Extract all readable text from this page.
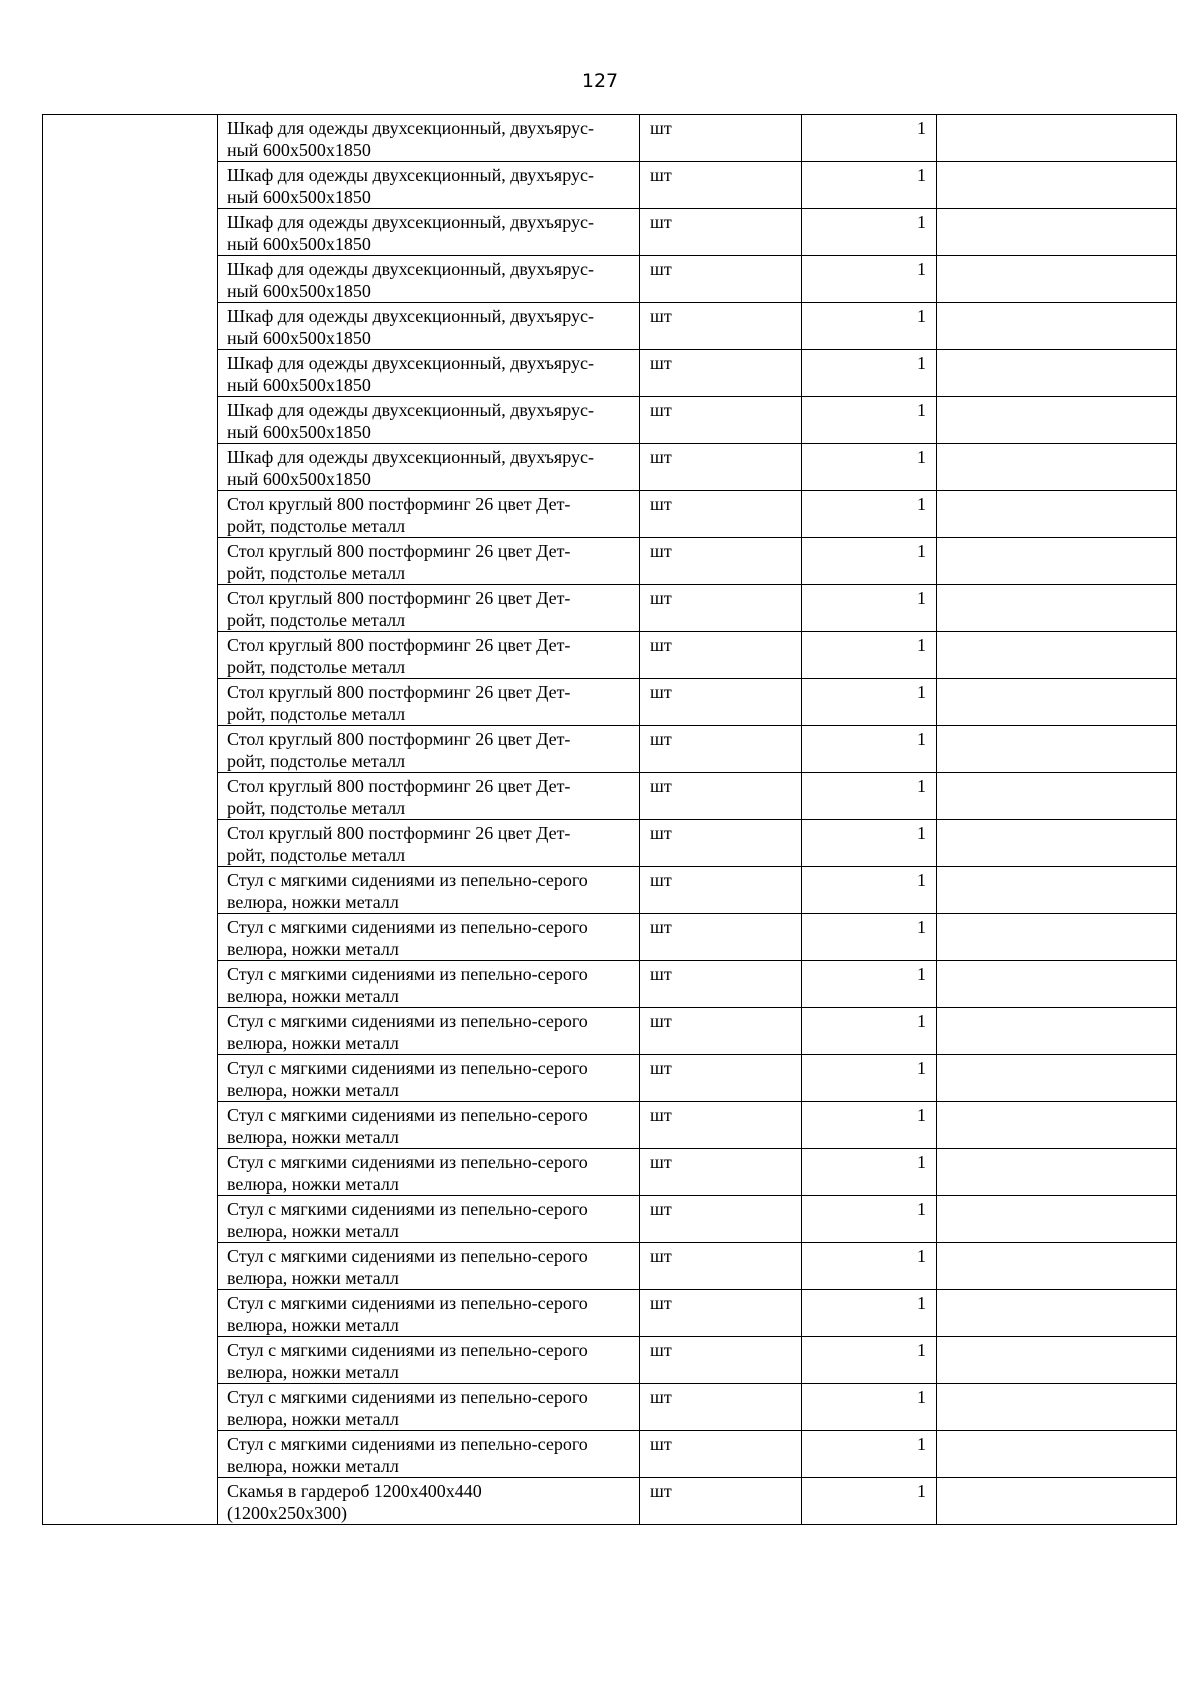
127

	Шкаф для одежды двухсекционный, двухъярус-
ный 600х500х1850	шт	1	

	Шкаф для одежды двухсекционный, двухъярус-
ный 600х500х1850	шт	1	

	Шкаф для одежды двухсекционный, двухъярус-
ный 600х500х1850	шт	1	

	Шкаф для одежды двухсекционный, двухъярус-
ный 600х500х1850	шт	1	

	Шкаф для одежды двухсекционный, двухъярус-
ный 600х500х1850	шт	1	

	Шкаф для одежды двухсекционный, двухъярус-
ный 600х500х1850	шт	1	

	Шкаф для одежды двухсекционный, двухъярус-
ный 600х500х1850	шт	1	

	Шкаф для одежды двухсекционный, двухъярус-
ный 600х500х1850	шт	1	

	Стол круглый 800 постформинг 26 цвет Дет-
ройт, подстолье металл	шт	1	

	Стол круглый 800 постформинг 26 цвет Дет-
ройт, подстолье металл	шт	1	

	Стол круглый 800 постформинг 26 цвет Дет-
ройт, подстолье металл	шт	1	

	Стол круглый 800 постформинг 26 цвет Дет-
ройт, подстолье металл	шт	1	

	Стол круглый 800 постформинг 26 цвет Дет-
ройт, подстолье металл	шт	1	

	Стол круглый 800 постформинг 26 цвет Дет-
ройт, подстолье металл	шт	1	

	Стол круглый 800 постформинг 26 цвет Дет-
ройт, подстолье металл	шт	1	

	Стол круглый 800 постформинг 26 цвет Дет-
ройт, подстолье металл	шт	1	

	Стул с мягкими сидениями из пепельно-серого
велюра, ножки металл	шт	1	

	Стул с мягкими сидениями из пепельно-серого
велюра, ножки металл	шт	1	

	Стул с мягкими сидениями из пепельно-серого
велюра, ножки металл	шт	1	

	Стул с мягкими сидениями из пепельно-серого
велюра, ножки металл	шт	1	

	Стул с мягкими сидениями из пепельно-серого
велюра, ножки металл	шт	1	

	Стул с мягкими сидениями из пепельно-серого
велюра, ножки металл	шт	1	

	Стул с мягкими сидениями из пепельно-серого
велюра, ножки металл	шт	1	

	Стул с мягкими сидениями из пепельно-серого
велюра, ножки металл	шт	1	

	Стул с мягкими сидениями из пепельно-серого
велюра, ножки металл	шт	1	

	Стул с мягкими сидениями из пепельно-серого
велюра, ножки металл	шт	1	

	Стул с мягкими сидениями из пепельно-серого
велюра, ножки металл	шт	1	

	Стул с мягкими сидениями из пепельно-серого
велюра, ножки металл	шт	1	

	Стул с мягкими сидениями из пепельно-серого
велюра, ножки металл	шт	1	

	Скамья в гардероб 1200х400х440
(1200х250х300)	шт	1	
